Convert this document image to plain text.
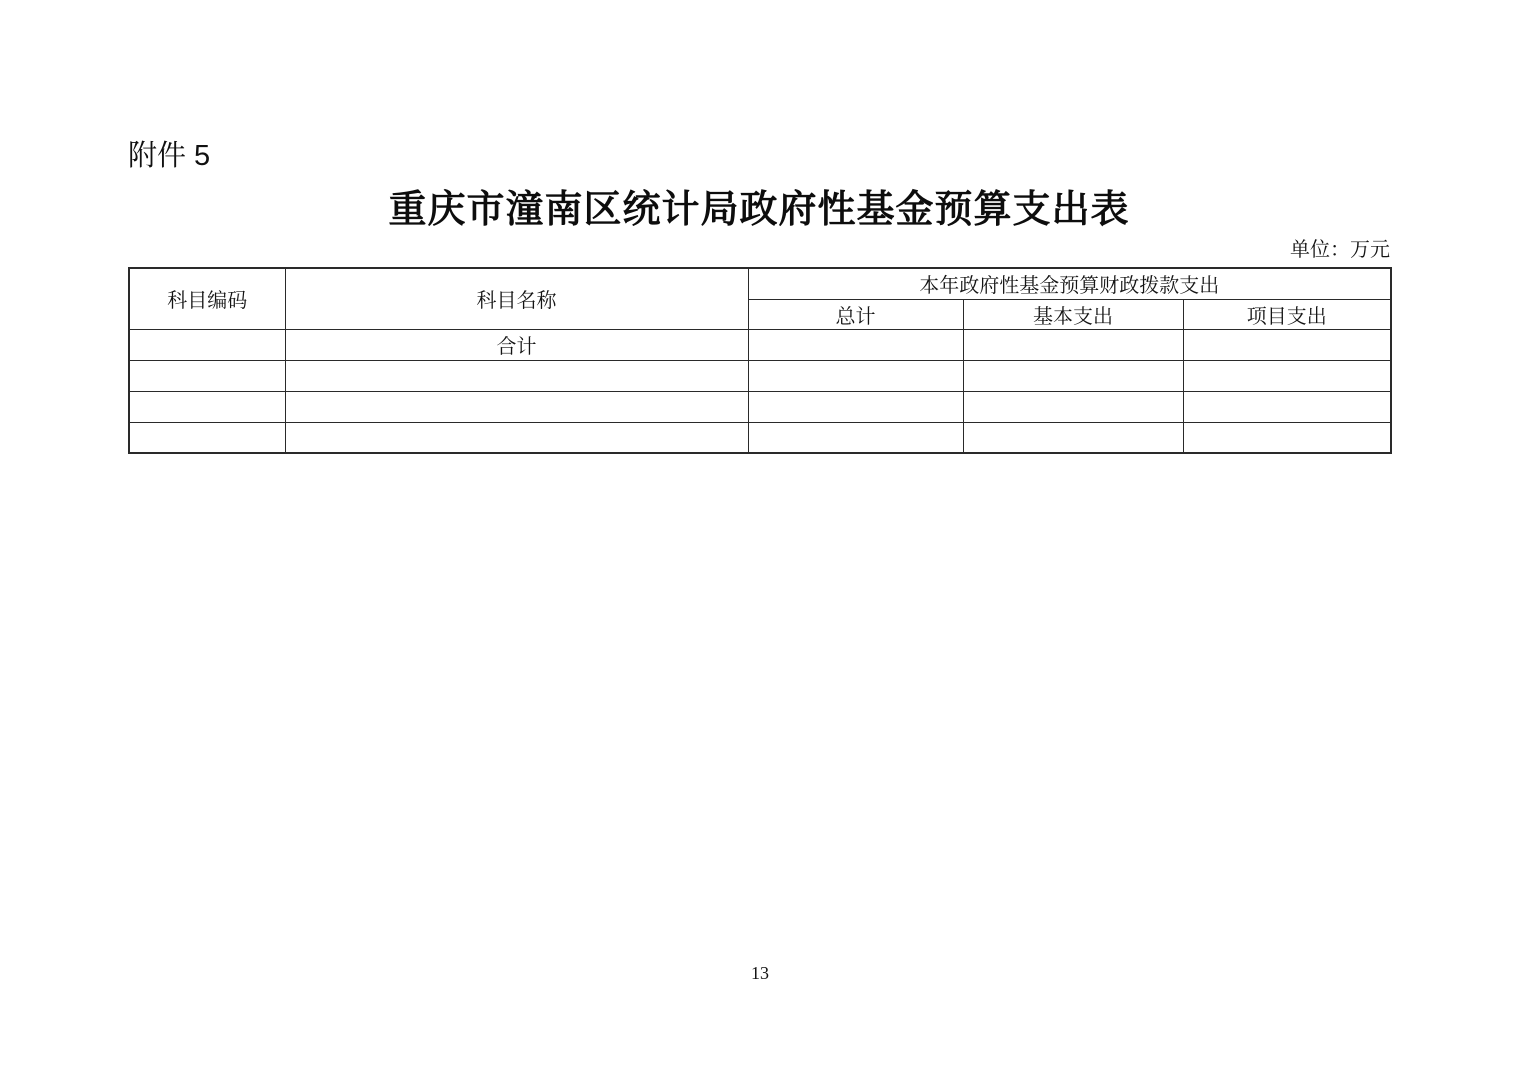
附件 5
重庆市潼南区统计局政府性基金预算支出表
单位：万元
科目编码	科目名称	本年政府性基金预算财政拨款支出		
		总计	基本支出	项目支出
	合计			

13
